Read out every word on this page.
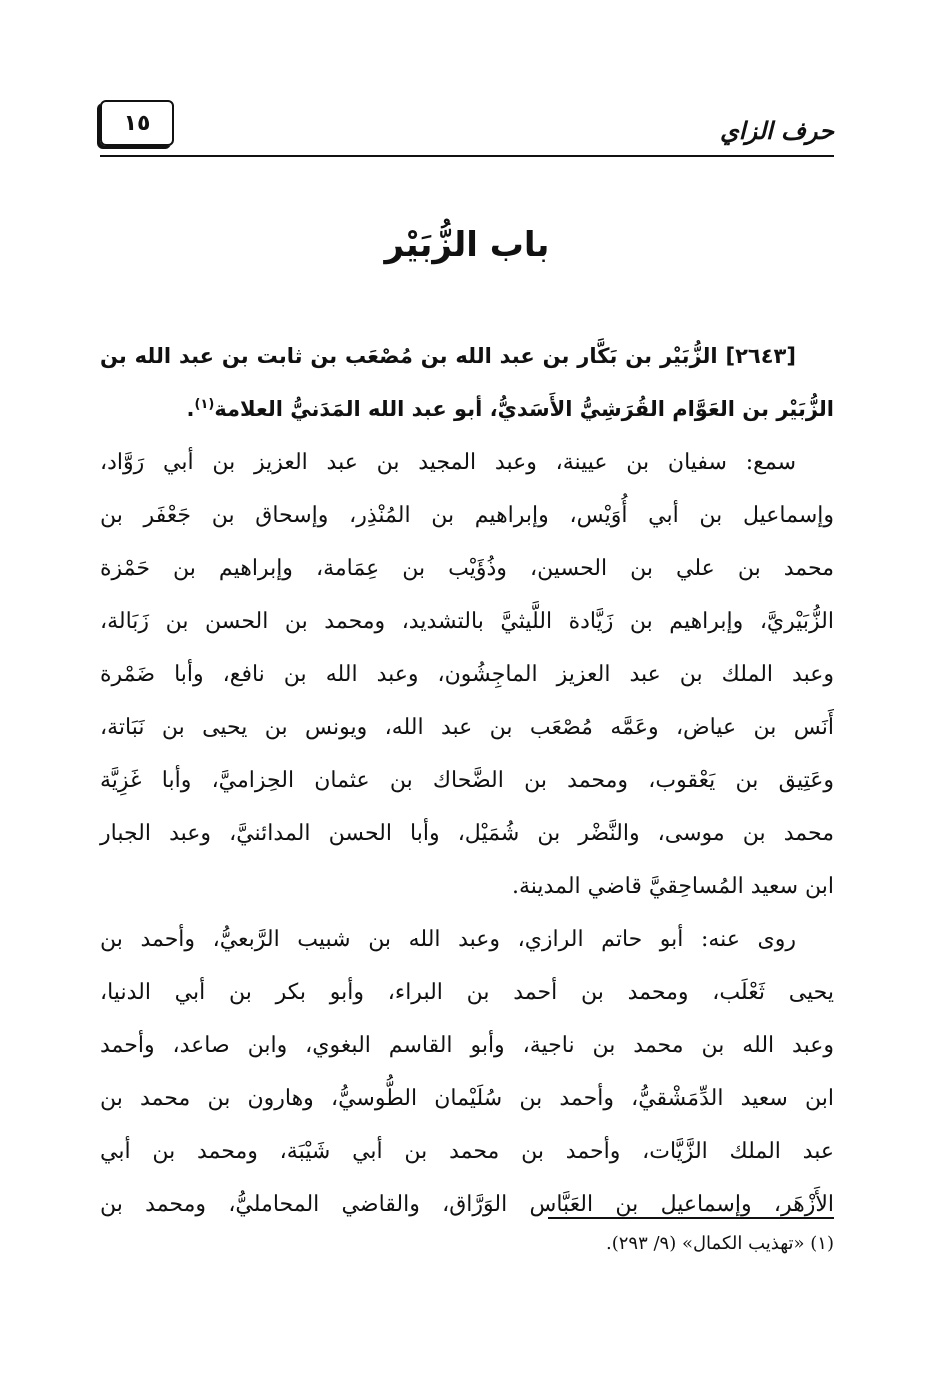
حرف الزاي
١٥
باب الزُّبَيْر
[٢٦٤٣] الزُّبَيْر بن بَكَّار بن عبد الله بن مُصْعَب بن ثابت بن عبد الله بن
الزُّبَيْر بن العَوَّام القُرَشِيُّ الأَسَديُّ، أبو عبد الله المَدَنيُّ العلامة$^{(١)}$.
سمع: سفيان بن عيينة، وعبد المجيد بن عبد العزيز بن أبي رَوَّاد،
وإسماعيل بن أبي أُوَيْس، وإبراهيم بن المُنْذِر، وإسحاق بن جَعْفَر بن
محمد بن علي بن الحسين، وذُؤَيْب بن عِمَامة، وإبراهيم بن حَمْزة
الزُّبَيْريَّ، وإبراهيم بن زَيَّادة اللَّيثيَّ بالتشديد، ومحمد بن الحسن بن زَبَالة،
وعبد الملك بن عبد العزيز الماجِشُون، وعبد الله بن نافع، وأبا ضَمْرة
أَنَس بن عياض، وعَمَّه مُصْعَب بن عبد الله، ويونس بن يحيى بن نَبَاتة،
وعَتِيق بن يَعْقوب، ومحمد بن الضَّحاك بن عثمان الحِزاميَّ، وأبا غَزِيَّة
محمد بن موسى، والنَّضْر بن شُمَيْل، وأبا الحسن المدائنيَّ، وعبد الجبار
ابن سعيد المُساحِقيَّ قاضي المدينة.
روى عنه: أبو حاتم الرازي، وعبد الله بن شبيب الرَّبعيُّ، وأحمد بن
يحيى ثَعْلَب، ومحمد بن أحمد بن البراء، وأبو بكر بن أبي الدنيا،
وعبد الله بن محمد بن ناجية، وأبو القاسم البغوي، وابن صاعد، وأحمد
ابن سعيد الدِّمَشْقيُّ، وأحمد بن سُلَيْمان الطُّوسيُّ، وهارون بن محمد بن
عبد الملك الزَّيَّات، وأحمد بن محمد بن أبي شَيْبَة، ومحمد بن أبي
الأَزْهَر، وإسماعيل بن العَبَّاس الوَرَّاق، والقاضي المحامليُّ، ومحمد بن
(١) «تهذيب الكمال» (٩/ ٢٩٣).
